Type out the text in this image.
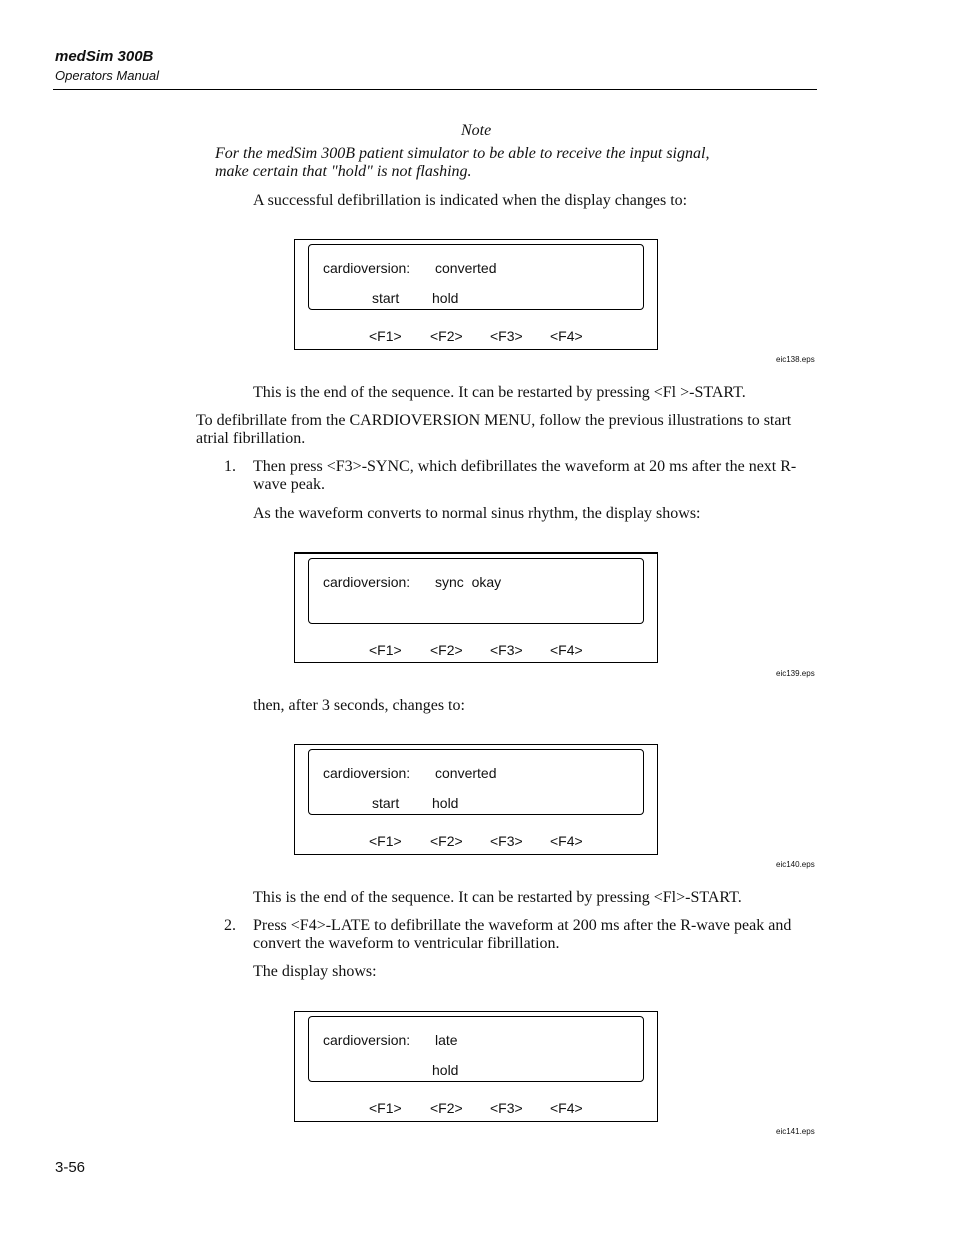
medSim 300B
Operators Manual
Note
For the medSim 300B patient simulator to be able to receive the input signal, make certain that "hold" is not flashing.
A successful defibrillation is indicated when the display changes to:
cardioversion: converted
start hold
<F1> <F2> <F3> <F4>
eic138.eps
This is the end of the sequence. It can be restarted by pressing <Fl >-START.
To defibrillate from the CARDIOVERSION MENU, follow the previous illustrations to start atrial fibrillation.
1. Then press <F3>-SYNC, which defibrillates the waveform at 20 ms after the next R-wave peak.
As the waveform converts to normal sinus rhythm, the display shows:
cardioversion: sync  okay
<F1> <F2> <F3> <F4>
eic139.eps
then, after 3 seconds, changes to:
cardioversion: converted
start hold
<F1> <F2> <F3> <F4>
eic140.eps
This is the end of the sequence. It can be restarted by pressing <Fl>-START.
2. Press <F4>-LATE to defibrillate the waveform at 200 ms after the R-wave peak and convert the waveform to ventricular fibrillation.
The display shows:
cardioversion: late
hold
<F1> <F2> <F3> <F4>
eic141.eps
3-56
